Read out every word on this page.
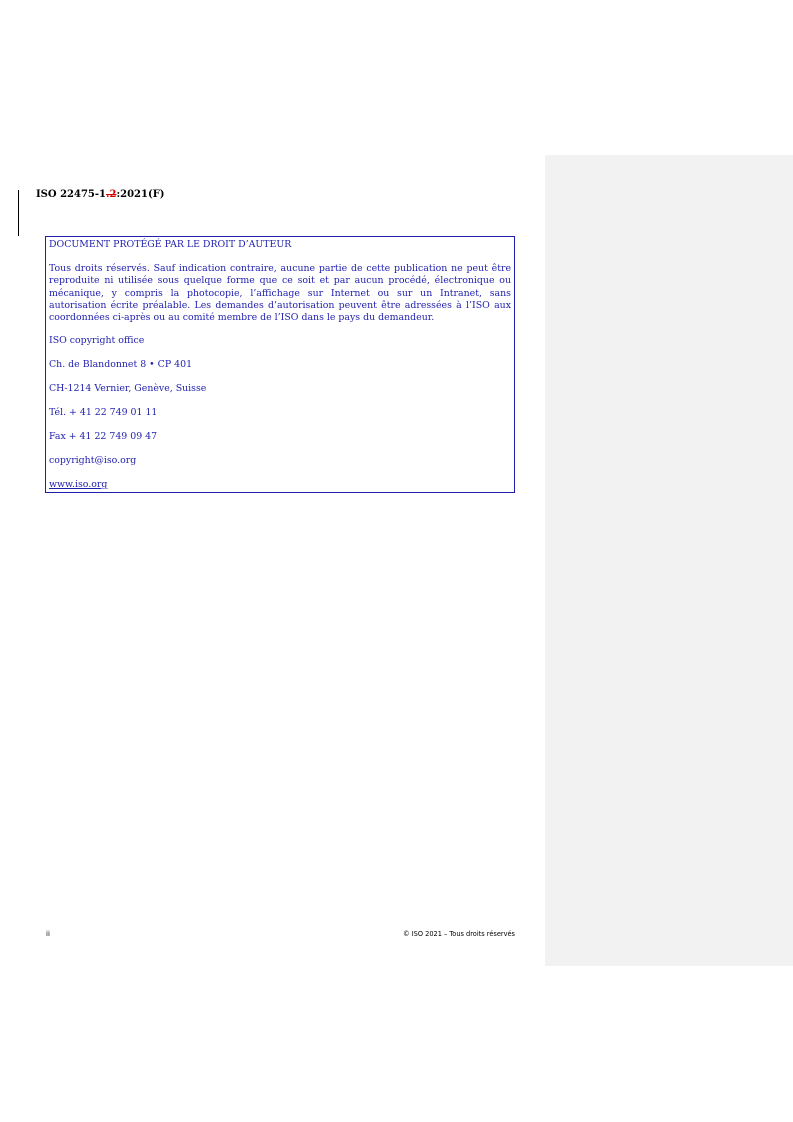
ISO 22475-1.2:2021(F)

DOCUMENT PROTÉGÉ PAR LE DROIT D’AUTEUR

Tous droits réservés. Sauf indication contraire, aucune partie de cette publication ne peut être reproduite ni utilisée sous quelque forme que ce soit et par aucun procédé, électronique ou mécanique, y compris la photocopie, l’affichage sur Internet ou sur un Intranet, sans autorisation écrite préalable. Les demandes d’autorisation peuvent être adressées à l’ISO aux coordonnées ci-après ou au comité membre de l’ISO dans le pays du demandeur.

ISO copyright office

Ch. de Blandonnet 8 • CP 401

CH-1214 Vernier, Genève, Suisse

Tél. + 41 22 749 01 11

Fax + 41 22 749 09 47

copyright@iso.org

www.iso.org

ii	© ISO 2021 – Tous droits réservés
